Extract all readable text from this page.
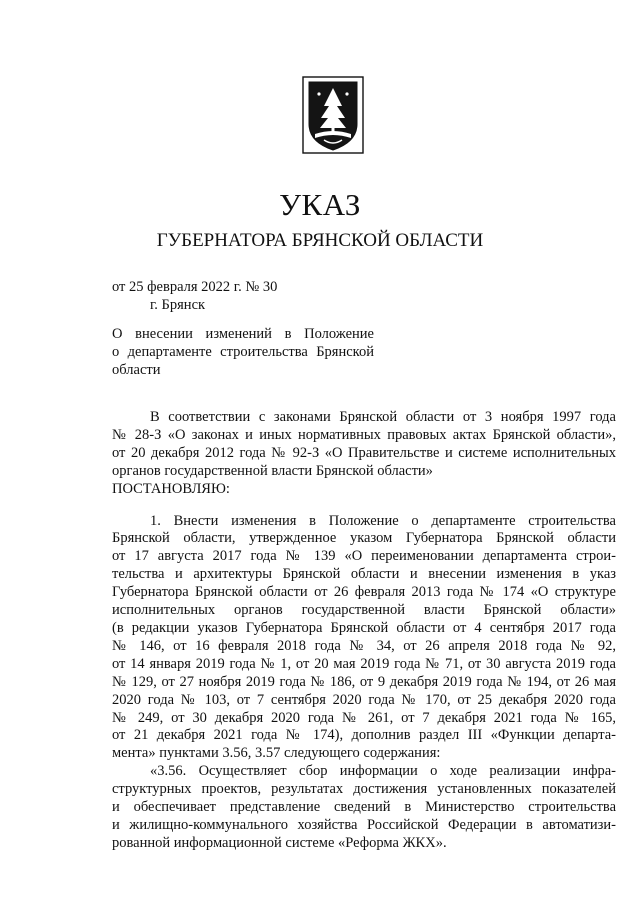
УКАЗ
ГУБЕРНАТОРА БРЯНСКОЙ ОБЛАСТИ
от 25 февраля 2022 г. № 30
г. Брянск
О внесении изменений в Положение
о департаменте строительства Брянской
области
В соответствии с законами Брянской области от 3 ноября 1997 года
№ 28-З «О законах и иных нормативных правовых актах Брянской области»,
от 20 декабря 2012 года № 92-З «О Правительстве и системе исполнительных
органов государственной власти Брянской области»
ПОСТАНОВЛЯЮ:
1. Внести изменения в Положение о департаменте строительства
Брянской области, утвержденное указом Губернатора Брянской области
от 17 августа 2017 года № 139 «О переименовании департамента строи-
тельства и архитектуры Брянской области и внесении изменения в указ
Губернатора Брянской области от 26 февраля 2013 года № 174 «О структуре
исполнительных органов государственной власти Брянской области»
(в редакции указов Губернатора Брянской области от 4 сентября 2017 года
№ 146, от 16 февраля 2018 года № 34, от 26 апреля 2018 года № 92,
от 14 января 2019 года № 1, от 20 мая 2019 года № 71, от 30 августа 2019 года
№ 129, от 27 ноября 2019 года № 186, от 9 декабря 2019 года № 194, от 26 мая
2020 года № 103, от 7 сентября 2020 года № 170, от 25 декабря 2020 года
№ 249, от 30 декабря 2020 года № 261, от 7 декабря 2021 года № 165,
от 21 декабря 2021 года № 174), дополнив раздел III «Функции департа-
мента» пунктами 3.56, 3.57 следующего содержания:
«3.56. Осуществляет сбор информации о ходе реализации инфра-
структурных проектов, результатах достижения установленных показателей
и обеспечивает представление сведений в Министерство строительства
и жилищно-коммунального хозяйства Российской Федерации в автоматизи-
рованной информационной системе «Реформа ЖКХ».
